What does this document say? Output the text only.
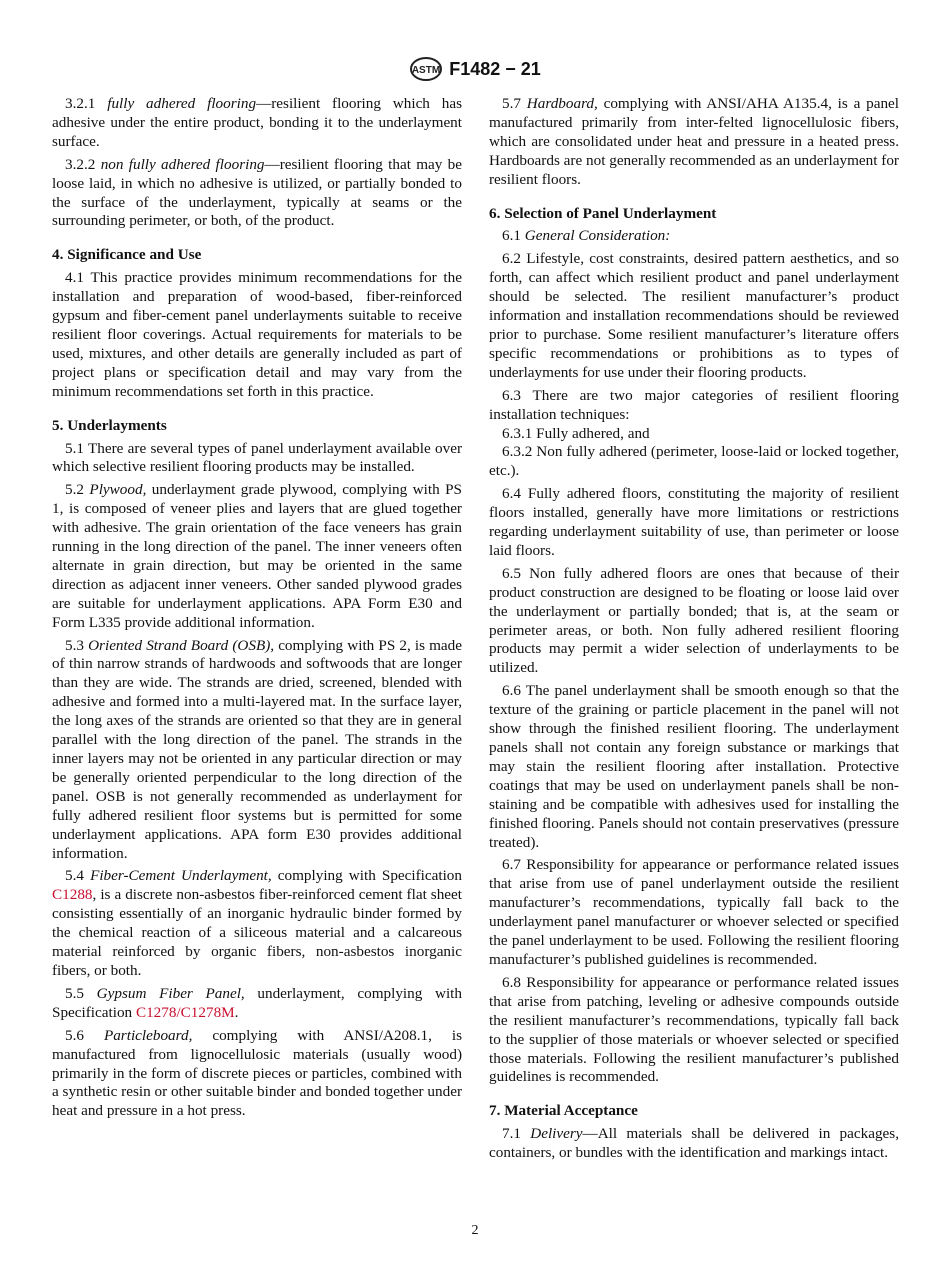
ASTM F1482 − 21

3.2.1 fully adhered flooring—resilient flooring which has adhesive under the entire product, bonding it to the underlayment surface.

3.2.2 non fully adhered flooring—resilient flooring that may be loose laid, in which no adhesive is utilized, or partially bonded to the surface of the underlayment, typically at seams or the surrounding perimeter, or both, of the product.

4. Significance and Use

4.1 This practice provides minimum recommendations for the installation and preparation of wood-based, fiber-reinforced gypsum and fiber-cement panel underlayments suitable to receive resilient floor coverings. Actual requirements for materials to be used, mixtures, and other details are generally included as part of project plans or specification detail and may vary from the minimum recommendations set forth in this practice.

5. Underlayments

5.1 There are several types of panel underlayment available over which selective resilient flooring products may be installed.

5.2 Plywood, underlayment grade plywood, complying with PS 1, is composed of veneer plies and layers that are glued together with adhesive. The grain orientation of the face veneers has grain running in the long direction of the panel. The inner veneers often alternate in grain direction, but may be oriented in the same direction as adjacent inner veneers. Other sanded plywood grades are suitable for underlayment applications. APA Form E30 and Form L335 provide additional information.

5.3 Oriented Strand Board (OSB), complying with PS 2, is made of thin narrow strands of hardwoods and softwoods that are longer than they are wide. The strands are dried, screened, blended with adhesive and formed into a multi-layered mat. In the surface layer, the long axes of the strands are oriented so that they are in general parallel with the long direction of the panel. The strands in the inner layers may not be oriented in any particular direction or may be generally oriented perpendicular to the long direction of the panel. OSB is not generally recommended as underlayment for fully adhered resilient floor systems but is permitted for some underlayment applications. APA form E30 provides additional information.

5.4 Fiber-Cement Underlayment, complying with Specification C1288, is a discrete non-asbestos fiber-reinforced cement flat sheet consisting essentially of an inorganic hydraulic binder formed by the chemical reaction of a siliceous material and a calcareous material reinforced by organic fibers, non-asbestos inorganic fibers, or both.

5.5 Gypsum Fiber Panel, underlayment, complying with Specification C1278/C1278M.

5.6 Particleboard, complying with ANSI/A208.1, is manufactured from lignocellulosic materials (usually wood) primarily in the form of discrete pieces or particles, combined with a synthetic resin or other suitable binder and bonded together under heat and pressure in a hot press.

5.7 Hardboard, complying with ANSI/AHA A135.4, is a panel manufactured primarily from inter-felted lignocellulosic fibers, which are consolidated under heat and pressure in a heated press. Hardboards are not generally recommended as an underlayment for resilient floors.

6. Selection of Panel Underlayment

6.1 General Consideration:

6.2 Lifestyle, cost constraints, desired pattern aesthetics, and so forth, can affect which resilient product and panel underlayment should be selected. The resilient manufacturer’s product information and installation recommendations should be reviewed prior to purchase. Some resilient manufacturer’s literature offers specific recommendations or prohibitions as to types of underlayments for use under their flooring products.

6.3 There are two major categories of resilient flooring installation techniques:

6.3.1 Fully adhered, and

6.3.2 Non fully adhered (perimeter, loose-laid or locked together, etc.).

6.4 Fully adhered floors, constituting the majority of resilient floors installed, generally have more limitations or restrictions regarding underlayment suitability of use, than perimeter or loose laid floors.

6.5 Non fully adhered floors are ones that because of their product construction are designed to be floating or loose laid over the underlayment or partially bonded; that is, at the seam or perimeter areas, or both. Non fully adhered resilient flooring products may permit a wider selection of underlayments to be utilized.

6.6 The panel underlayment shall be smooth enough so that the texture of the graining or particle placement in the panel will not show through the finished resilient flooring. The underlayment panels shall not contain any foreign substance or markings that may stain the resilient flooring after installation. Protective coatings that may be used on underlayment panels shall be non-staining and be compatible with adhesives used for installing the finished flooring. Panels should not contain preservatives (pressure treated).

6.7 Responsibility for appearance or performance related issues that arise from use of panel underlayment outside the resilient manufacturer’s recommendations, typically fall back to the underlayment panel manufacturer or whoever selected or specified the panel underlayment to be used. Following the resilient flooring manufacturer’s published guidelines is recommended.

6.8 Responsibility for appearance or performance related issues that arise from patching, leveling or adhesive compounds outside the resilient manufacturer’s recommendations, typically fall back to the supplier of those materials or whoever selected or specified those materials. Following the resilient manufacturer’s published guidelines is recommended.

7. Material Acceptance

7.1 Delivery—All materials shall be delivered in packages, containers, or bundles with the identification and markings intact.

2
